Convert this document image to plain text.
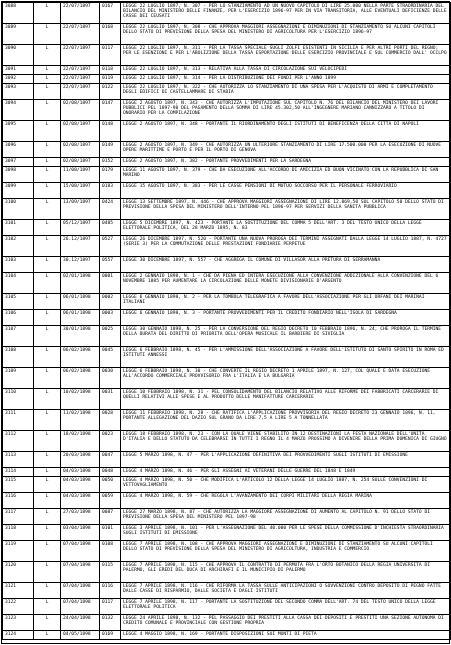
3088	L	22/07/1897	0167	LEGGE 22 LUGLIO 1897, N. 307 - PER LO STANZIAMENTO AD UN NUOVO CAPITOLO DI LIRE 25.000 NELLA PARTE STRAORDINARIA DEL BILANCIO DEL MINISTERO DELLE FINANZE, PER L'ESERCIZIO 1896-97 PER IN VIA TRANSITORIA, ALLE EVENTUALI DEFICIENZE DELLE CASSE DEI CEUSATI
3089	L	22/07/1897	0168	LEGGE 22 LUGLIO 1897, N. 308 - CHE APPROVA MAGGIORI ASSEGNAZIONI E DIMINUZIONI DI STANZIAMENTO SU ALCUNI CAPITOLI DELLO STATO DI PREVISIONE DELLA SPESA DEL MINISTERO DI AGRICOLTURA PER L'ESERCIZIO 1896-97
3090	L	22/07/1897	0117	LEGGE 22 LUGLIO 1897, N. 311 - PER LA TASSA SPECIALE SUGLI ZOLFI ESISTENTI IN SICILIA E PER ALTRI PORTI DEL REGNO; PER LE ESENZIONI E PER L'ABOLIZIONE DELLA TASSA ESPORTAZIONE DELLE ESERCIZIO PROVINCIALE E SUL COMMERCIO DALL' OCCLPO
3091	L	22/07/1897	0118	LEGGE 22 LUGLIO 1897, N. 313 - RELATIVA ALLA TASSA DI CIRCOLAZIONE SUI VELOCIPEDI
3092	L	22/07/1897	0119	LEGGE 22 LUGLIO 1897, N. 314 - PER LA DISTRIBUZIONE DEI FONDI PER L'ANNO 1899
3093	L	22/07/1897	0122	LEGGE 22 LUGLIO 1897, N. 322 - CHE AUTORIZZA LO STANZIAMENTO DI UNA SPESA PER L'ACQUISTO DI ARMI E COMPLETAMENTO DEGLI EDIFICI DI CASTELLAMMARE DI STABIA
3094	L	02/08/1897	0147	LEGGE 2 AGOSTO 1897, N. 343 - CHE AUTORIZZA L'IMPUTAZIONE SUL CAPITOLO N. 76 DEL BILANCIO DEL MINISTERO DEI LAVORI PUBBLICI PEL 1897-98 DEL PAGAMENTO DELLA SOMMA DI LIRE 45.302,50 ALL'INGEGNERE MARIANO CANNIZZARO A TITOLO DI ONORARIO PER LA COMPILAZIONE
3095	L	02/08/1897	0148	LEGGE 2 AGOSTO 1897, N. 348 - PORTANTE IL RIORDINAMENTO DEGLI ISTITUTI DI BENEFICENZA DELLA CITTA DI NAPOLI
3096	L	02/08/1897	0149	LEGGE 2 AGOSTO 1897, N. 349 - CHE AUTORIZZA UN ULTERIORE STANZIAMENTO DI LIRE 17.500.000 PER LA ESECUZIONE DI NUOVE OPERE MARITTIME E PORTO E PER IL PORTO DI GENOVA
3097	L	02/08/1897	0152	LEGGE 2 AGOSTO 1897, N. 382 - PORTANTE PROVVEDIMENTI PER LA SARDEGNA
3098	L	11/08/1897	0179	LEGGE 11 AGOSTO 1897, N. 379 - CHE DA ESECUZIONE ALL'ACCORDO DI AMICIZIA ED BUON VICINATO CON LA REPUBBLICA DI SAN MARINO
3099	L	15/08/1897	0183	LEGGE 15 AGOSTO 1897, N. 383 - PER LE CASSE PENSIONI DI MUTUO SOCCORSO PER IL PERSONALE FERROVIARIO
3100	L	13/09/1897	0424	LEGGE 13 SETTEMBRE 1897, N. 446 - CHE APPROVA MAGGIORI ASSEGNAZIONI DI LIRE 12.869,50 SUL CAPITOLO 50 DELLO STATO DI PREVISIONE DELLA SPESA DEL MINISTERO DELL'INTERNO PEL 1896-97 PER SERVIZI DELLA SANITA PUBBLICA
3101	L	05/12/1897	0485	LEGGE 5 DICEMBRE 1897, N. 423 - PORTANTE LA SOSTITUZIONE DEL COMMA 5 DELL'ART. 3 DEL TESTO UNICO DELLA LEGGE ELETTORALE POLITICA, DEL 28 MARZO 1895, N. 83
3102	L	26.12/1897	0527	LEGGE 26 DICEMBRE 1897, N. 520 - PORTANTE UNA NUOVA PROROGA DEI TERMINI ASSEGNATI DALLA LEGGE 14 LUGLIO 1887, N. 4727 (SERIE 3) PER LA COMMUTAZIONE DELLE PRESTAZIONI FONDIARIE PERPETUE
3103	L	30.12/1897	0557	LEGGE 30 DICEMBRE 1897, N. 557 - CHE AGGREGA IL COMUNE DI VILLASOR ALLA PRETURA DI SERRAMANNA
3104	L	02/01/1898	0001	LEGGE 2 GENNAIO 1898, N. 1 - CHE DA PIENA ED INTERA ESECUZIONE ALLA CONVENZIONE ADDIZIONALE ALLA CONVENZIONE DEL 6 NOVEMBRE 1885 PER AUMENTARE LA CIRCOLAZIONE DELLE MONETE DIVISIONARIE D'ARGENTO
3105	L	06/01/1898	0002	LEGGE 6 GENNAIO 1898, N. 2 - PER LA TOMBOLA TELEGRAFICA A FAVORE DELL'ASSOCIAZIONE PER GLI ORFANI DEI MARINAI ITALIANI
3106	L	06/01/1898	0003	LEGGE 6 GENNAIO 1898, N. 3 - PORTANTE PROVVEDIMENTI PER IL CREDITO FONDIARIO NELL'ISOLA DI SARDEGNA
3107	L	30/01/1898	0025	LEGGE 30 GENNAIO 1898, N. 25 - PER LA CONVERSIONE DEL REGIO DECRETO 10 FEBBRAIO 1896, N. 24, CHE PROROGA IL TERMINE DELLA DURATA DEL DIRITTO DI PRIORITA DELL'OPERA MUSICALE IL BARBIERE DI SIVIGLIA
3108	L	06/02/1898	0045	LEGGE 6 FEBBRAIO 1898, N. 45 - PER L'AMMISSIONE DELL'ASSOCIAZIONE A FAVORE DELL'ISTITUTO DI SANTO SPIRITO IN ROMA ED ISTITUTI ANNESSI
3109	L	06/02/1898	0030	LEGGE 6 FEBBRAIO 1898, N. 30 - CHE CONVERTE IL REGIO DECRETO 1 APRILE 1897, N. 127, COL QUALE E DATA ESECUZIONE ALL'ACCORDO COMMERCIALE PROVVISORIO FRA L'ITALIA E LA BULGARIA
3110	L	10/02/1898	0031	LEGGE 10 FEBBRAIO 1898, N. 31 - PEL CONSOLIDAMENTO DEL BILANCIO RELATIVO ALLE RIFORME DEI FABBRICATI CARCERARIE DI QUELLI RELATIVI ALLE SPESE E AL PRODOTTO DELLE MANIFATTURE CARCERARIE
3111	L	11/02/1898	0028	LEGGE 11 FEBBRAIO 1898, N. 28 - CHE RATIFICA L'APPLICAZIONE PROVVISORIA DEL REGIO DECRETO 23 GENNAIO 1896, N. 11, PORTANTE ALLEGAZIONE DEL DAZIO SUL GRANO DA LIRE 7,5 A LIRE 5 A TONNELLATA
3112	L	18/02/1898	0023	LEGGE 18 FEBBRAIO 1898, N. 23 - CON LA QUALE VIENE STABILITO IN 12 DESTINAZIONI LA FESTA NAZIONALE DELL'UNITA D'ITALIA E DELLO STATUTO DA CELEBRARSI IN TUTTI I REGNO IL 4 MARZO PROSSIMO A DIVENIRE DELLA PRIMA DOMENICA DI GIUGNO
3113	L	20/03/1898	0047	LEGGE 5 MARZO 1898, N. 47 - PER L'APPLICAZIONE DEFINITIVA DEI PROVVEDIMENTI SUGLI ISTITUTI DI EMISSIONE
3114	L	04/03/1898	0048	LEGGE 4 MARZO 1898, N. 46 - PER GLI ASSEGNI AI VETERANI DELLE GUERRE DEL 1848 E 1849
3115	L	04/03/1898	0050	LEGGE 4 MARZO 1898, N. 50 - CHE MODIFICA L'ARTICOLO 12 DELLA LEGGE 14 LUGLIO 1887, N. 254 SULLE CONVENZIONI DI VETTOVAGLIAMENTO
3116	L	04/03/1898	0059	LEGGE 4 MARZO 1898, N. 59 - CHE REGOLA L'AVANZAMENTO DEI CORPI MILITARI DELLA REGIA MARINA
3117	L	27/03/1898	0087	LEGGE 27 MARZO 1898, N. 87 - CHE AUTORIZZA LA MAGGIORE ASSEGNAZIONE DI AUMENTO AL CAPITOLO N. 91 DELLO STATO DI PREVISIONE DELLA SPESA DEL MINISTERO PEL 1897-98
3118	L	03/04/1898	0101	LEGGE 3 APRILE 1898, N. 101 - PER L'ASSEGNAZIONE DEL 40.000 PER LE SPESE DELLA COMMISSIONE D'INCHIESTA STRAORDINARIA SUGLI ISTITUTI DI EMISSIONE
3119	L	07/04/1898	0108	LEGGE 7 APRILE 1898, N. 108 - CHE APPROVA MAGGIORI ASSEGNAZIONI E DIMINUZIONI DI STANZIAMENTO SU ALCUNI CAPITOLI DELLO STATO DI PREVISIONE DELLA SPESA DEL MINISTERO DI AGRICOLTURA, INDUSTRIA E COMMERCIO
3120	L	07/04/1898	0115	LEGGE 7 APRILE 1898, N. 115 - CHE APPROVA IL CONTRATTO DI PERMUTA FRA L'ORTO BOTANICO DELLA REGIA UNIVERSITA DI PALERMO, GLI EREDI DEL DUCA DI ARCHIRAFI E IL MUNICIPIO DI PALERMO
3121	L	07/04/1898	0116	LEGGE 7 APRILE 1898, N. 116 - CHE RIFORMA LA TASSA SULLE ANTICIPAZIONI O SOVVENZIONI CONTRO DEPOSITO DI PEGNO FATTE DALLE CASSE DI RISPARMIO, DALLE SOCIETA E DAGLI ISTITUTI
3122	L	07/04/1898	0117	LEGGE 7 APRILE 1898, N. 117 - PORTANTE LA SOSTITUZIONE DEL SECONDO COMMA DELL'ART. 74 DEL TESTO UNICO DELLA LEGGE ELETTORALE POLITICA
3123	L	24/04/1898	0132	LEGGE 24 APRILE 1898, N. 132 - PEL PASSAGGIO DEI PRESTITI ALLA CASSA DEI DEPOSITI E PRESTITI UNA SEZIONE AUTONOMA DI CREDITO COMUNALE E PROVINCIALE CON GESTIONE PROPRIA
3124	L	04/05/1898	0169	LEGGE 4 MAGGIO 1898, N. 169 - PORTANTE DISPOSIZIONI SUI MONTI DI PIETA
